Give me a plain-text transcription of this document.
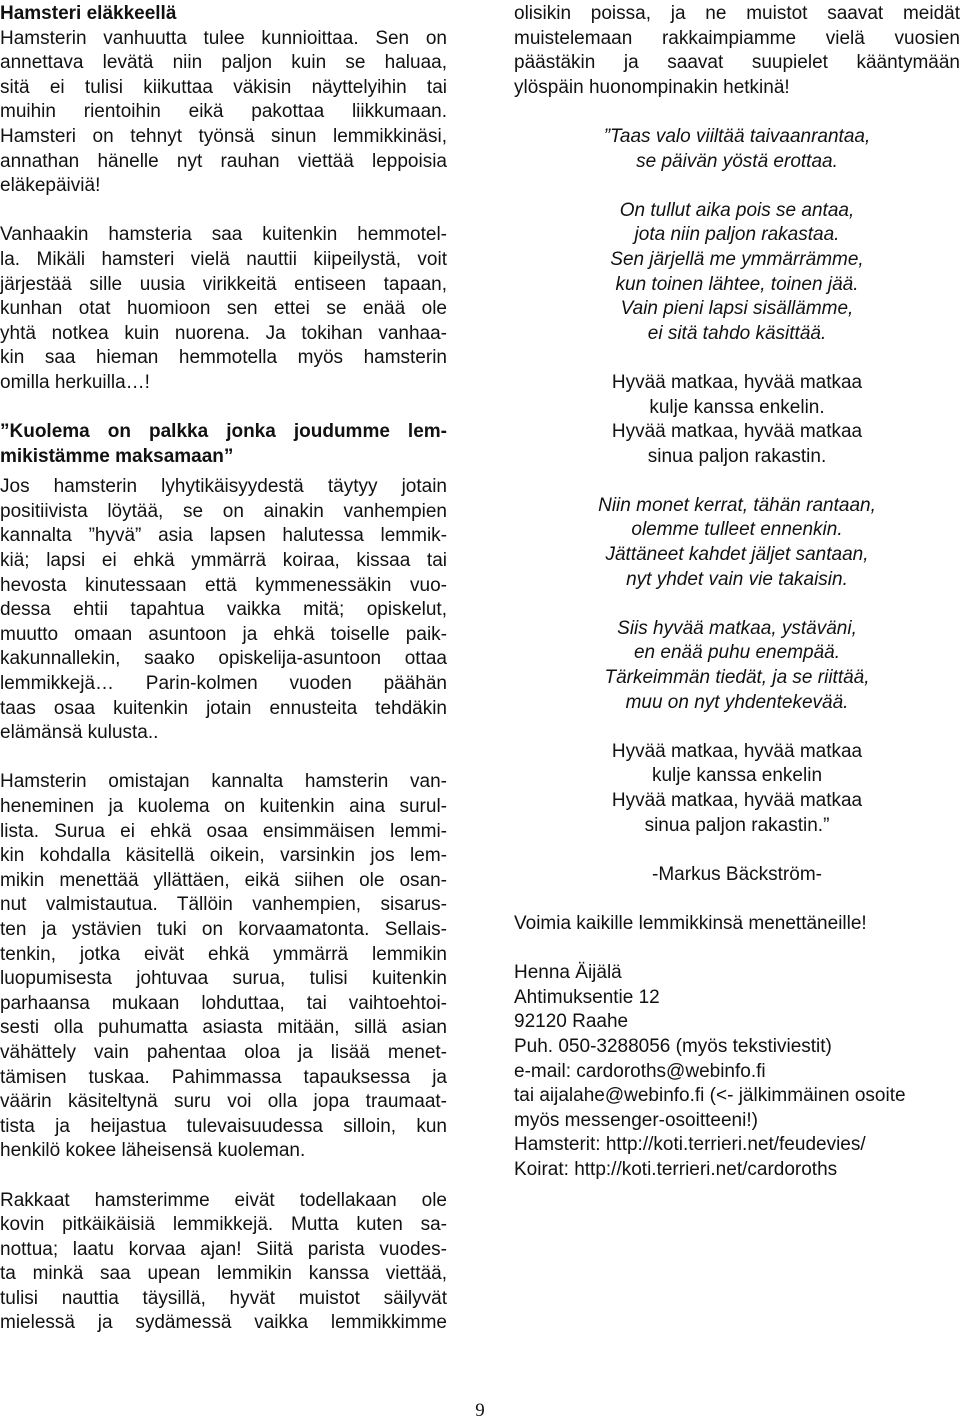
Hamsteri eläkkeellä
Hamsterin vanhuutta tulee kunnioittaa. Sen on
annettava levätä niin paljon kuin se haluaa,
sitä ei tulisi kiikuttaa väkisin näyttelyihin tai
muihin rientoihin eikä pakottaa liikkumaan.
Hamsteri on tehnyt työnsä sinun lemmikkinäsi,
annathan hänelle nyt rauhan viettää leppoisia
eläkepäiviä!
Vanhaakin hamsteria saa kuitenkin hemmotel-
la. Mikäli hamsteri vielä nauttii kiipeilystä, voit
järjestää sille uusia virikkeitä entiseen tapaan,
kunhan otat huomioon sen ettei se enää ole
yhtä notkea kuin nuorena. Ja tokihan vanhaa-
kin saa hieman hemmotella myös hamsterin
omilla herkuilla…!
”Kuolema on palkka jonka joudumme lem-
mikistämme maksamaan”
Jos hamsterin lyhytikäisyydestä täytyy jotain
positiivista löytää, se on ainakin vanhempien
kannalta ”hyvä” asia lapsen halutessa lemmik-
kiä; lapsi ei ehkä ymmärrä koiraa, kissaa tai
hevosta kinutessaan että kymmenessäkin vuo-
dessa ehtii tapahtua vaikka mitä; opiskelut,
muutto omaan asuntoon ja ehkä toiselle paik-
kakunnallekin, saako opiskelija-asuntoon ottaa
lemmikkejä… Parin-kolmen vuoden päähän
taas osaa kuitenkin jotain ennusteita tehdäkin
elämänsä kulusta..
Hamsterin omistajan kannalta hamsterin van-
heneminen ja kuolema on kuitenkin aina surul-
lista. Surua ei ehkä osaa ensimmäisen lemmi-
kin kohdalla käsitellä oikein, varsinkin jos lem-
mikin menettää yllättäen, eikä siihen ole osan-
nut valmistautua. Tällöin vanhempien, sisarus-
ten ja ystävien tuki on korvaamatonta. Sellais-
tenkin, jotka eivät ehkä ymmärrä lemmikin
luopumisesta johtuvaa surua, tulisi kuitenkin
parhaansa mukaan lohduttaa, tai vaihtoehtoi-
sesti olla puhumatta asiasta mitään, sillä asian
vähättely vain pahentaa oloa ja lisää menet-
tämisen tuskaa. Pahimmassa tapauksessa ja
väärin käsiteltynä suru voi olla jopa traumaat-
tista ja heijastua tulevaisuudessa silloin, kun
henkilö kokee läheisensä kuoleman.
Rakkaat hamsterimme eivät todellakaan ole
kovin pitkäikäisiä lemmikkejä. Mutta kuten sa-
nottua; laatu korvaa ajan! Siitä parista vuodes-
ta minkä saa upean lemmikin kanssa viettää,
tulisi nauttia täysillä, hyvät muistot säilyvät
mielessä ja sydämessä vaikka lemmikkimme
olisikin poissa, ja ne muistot saavat meidät
muistelemaan rakkaimpiamme vielä vuosien
päästäkin ja saavat suupielet kääntymään
ylöspäin huonompinakin hetkinä!
”Taas valo viiltää taivaanrantaa,
se päivän yöstä erottaa.
On tullut aika pois se antaa,
jota niin paljon rakastaa.
Sen järjellä me ymmärrämme,
kun toinen lähtee, toinen jää.
Vain pieni lapsi sisällämme,
ei sitä tahdo käsittää.
Hyvää matkaa, hyvää matkaa
kulje kanssa enkelin.
Hyvää matkaa, hyvää matkaa
sinua paljon rakastin.
Niin monet kerrat, tähän rantaan,
olemme tulleet ennenkin.
Jättäneet kahdet jäljet santaan,
nyt yhdet vain vie takaisin.
Siis hyvää matkaa, ystäväni,
en enää puhu enempää.
Tärkeimmän tiedät, ja se riittää,
muu on nyt yhdentekevää.
Hyvää matkaa, hyvää matkaa
kulje kanssa enkelin
Hyvää matkaa, hyvää matkaa
sinua paljon rakastin.”
-Markus Bäckström-
Voimia kaikille lemmikkinsä menettäneille!
Henna Äijälä
Ahtimuksentie 12
92120 Raahe
Puh. 050-3288056 (myös tekstiviestit)
e-mail: cardoroths@webinfo.fi
tai aijalahe@webinfo.fi (<- jälkimmäinen osoite
myös messenger-osoitteeni!)
Hamsterit: http://koti.terrieri.net/feudevies/
Koirat: http://koti.terrieri.net/cardoroths
9
